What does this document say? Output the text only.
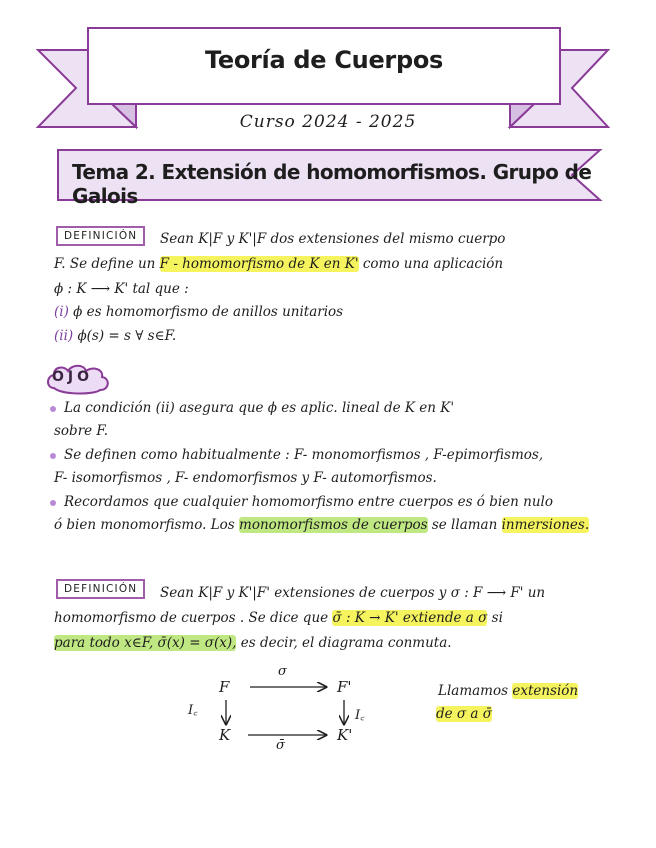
Teoría de Cuerpos
Curso 2024 - 2025
Tema 2. Extensión de homomorfismos. Grupo de Galois
DEFINICIÓN	Sean K|F y K'|F dos extensiones del mismo cuerpo
F. Se define un F - homomorfismo de K en K' como una aplicación
ϕ : K ⟶ K' tal que :
(i) ϕ es homomorfismo de anillos unitarios
(ii) ϕ(s) = s ∀ s∈F.
OJO
La condición (ii) asegura que ϕ es aplic. lineal de K en K'
sobre F.
Se definen como habitualmente : F- monomorfismos , F-epimorfismos,
F- isomorfismos , F- endomorfismos y F- automorfismos.
Recordamos que cualquier homomorfismo entre cuerpos es ó bien nulo
ó bien monomorfismo. Los monomorfismos de cuerpos se llaman inmersiones.
DEFINICIÓN	Sean K|F y K'|F' extensiones de cuerpos y σ : F ⟶ F' un
homomorfismo de cuerpos . Se dice que σ̄ : K → K' extiende a σ si
para todo x∈F, σ̄(x) = σ(x), es decir, el diagrama conmuta.
F	F'
K	K'
σ
σ̄
I꜀	I꜀
Llamamos extensión
de σ a σ̄
